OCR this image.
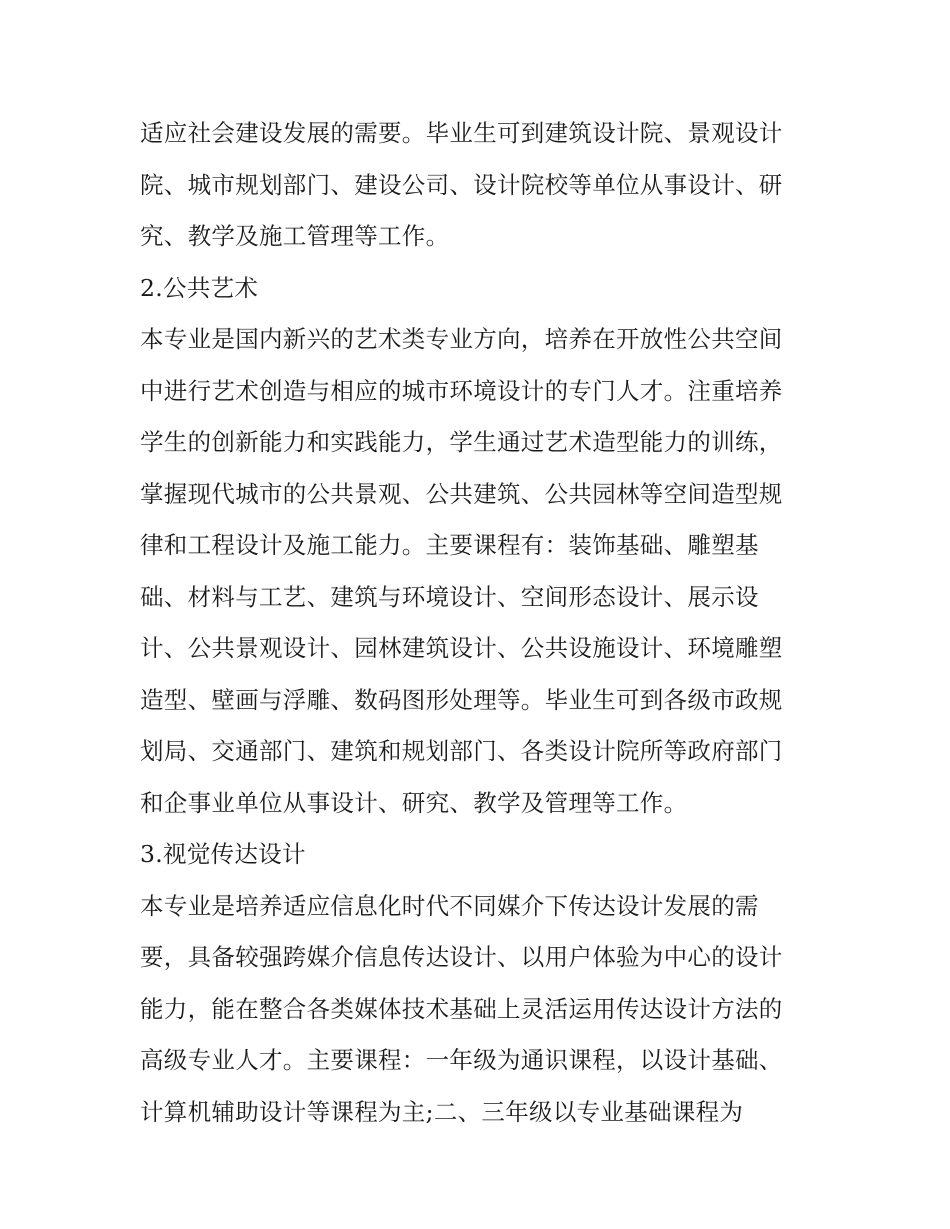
适应社会建设发展的需要。毕业生可到建筑设计院、景观设计
院、城市规划部门、建设公司、设计院校等单位从事设计、研
究、教学及施工管理等工作。
2.公共艺术
本专业是国内新兴的艺术类专业方向，培养在开放性公共空间
中进行艺术创造与相应的城市环境设计的专门人才。注重培养
学生的创新能力和实践能力，学生通过艺术造型能力的训练，
掌握现代城市的公共景观、公共建筑、公共园林等空间造型规
律和工程设计及施工能力。主要课程有：装饰基础、雕塑基
础、材料与工艺、建筑与环境设计、空间形态设计、展示设
计、公共景观设计、园林建筑设计、公共设施设计、环境雕塑
造型、壁画与浮雕、数码图形处理等。毕业生可到各级市政规
划局、交通部门、建筑和规划部门、各类设计院所等政府部门
和企事业单位从事设计、研究、教学及管理等工作。
3.视觉传达设计
本专业是培养适应信息化时代不同媒介下传达设计发展的需
要，具备较强跨媒介信息传达设计、以用户体验为中心的设计
能力，能在整合各类媒体技术基础上灵活运用传达设计方法的
高级专业人才。主要课程：一年级为通识课程，以设计基础、
计算机辅助设计等课程为主;二、三年级以专业基础课程为
